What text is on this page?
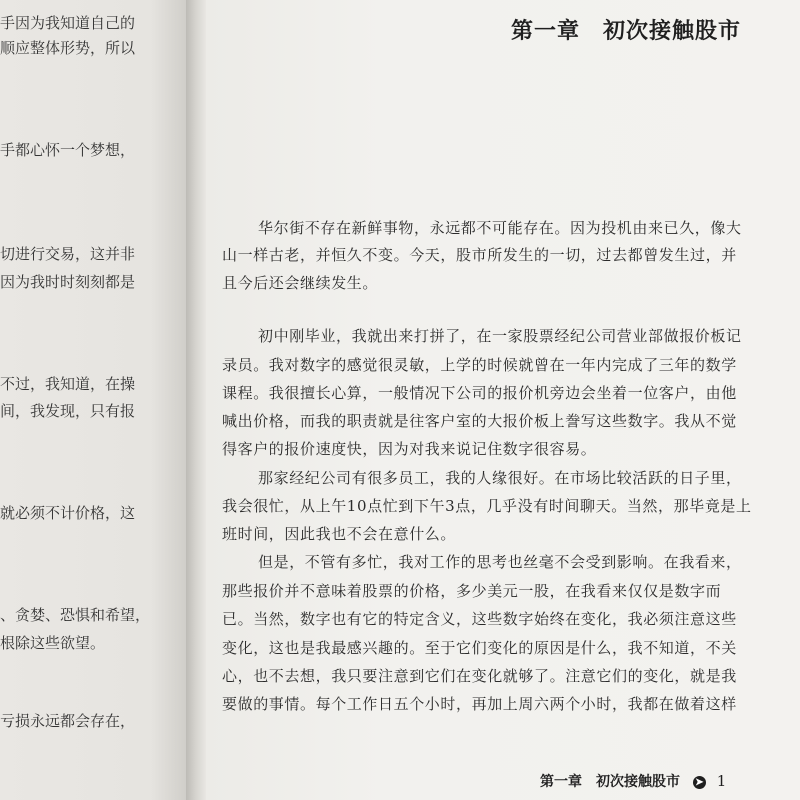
手因为我知道自己的
顺应整体形势，所以
手都心怀一个梦想，
切进行交易，这并非
因为我时时刻刻都是
不过，我知道，在操
间，我发现，只有报
就必须不计价格，这
、贪婪、恐惧和希望，
根除这些欲望。
亏损永远都会存在，
第一章　初次接触股市
华尔街不存在新鲜事物，永远都不可能存在。因为投机由来已久，像大
山一样古老，并恒久不变。今天，股市所发生的一切，过去都曾发生过，并
且今后还会继续发生。
初中刚毕业，我就出来打拼了，在一家股票经纪公司营业部做报价板记
录员。我对数字的感觉很灵敏，上学的时候就曾在一年内完成了三年的数学
课程。我很擅长心算，一般情况下公司的报价机旁边会坐着一位客户，由他
喊出价格，而我的职责就是往客户室的大报价板上誊写这些数字。我从不觉
得客户的报价速度快，因为对我来说记住数字很容易。
那家经纪公司有很多员工，我的人缘很好。在市场比较活跃的日子里，
我会很忙，从上午10点忙到下午3点，几乎没有时间聊天。当然，那毕竟是上
班时间，因此我也不会在意什么。
但是，不管有多忙，我对工作的思考也丝毫不会受到影响。在我看来，
那些报价并不意味着股票的价格，多少美元一股，在我看来仅仅是数字而
已。当然，数字也有它的特定含义，这些数字始终在变化，我必须注意这些
变化，这也是我最感兴趣的。至于它们变化的原因是什么，我不知道，不关
心，也不去想，我只要注意到它们在变化就够了。注意它们的变化，就是我
要做的事情。每个工作日五个小时，再加上周六两个小时，我都在做着这样
第一章　初次接触股市 ➤ 1
